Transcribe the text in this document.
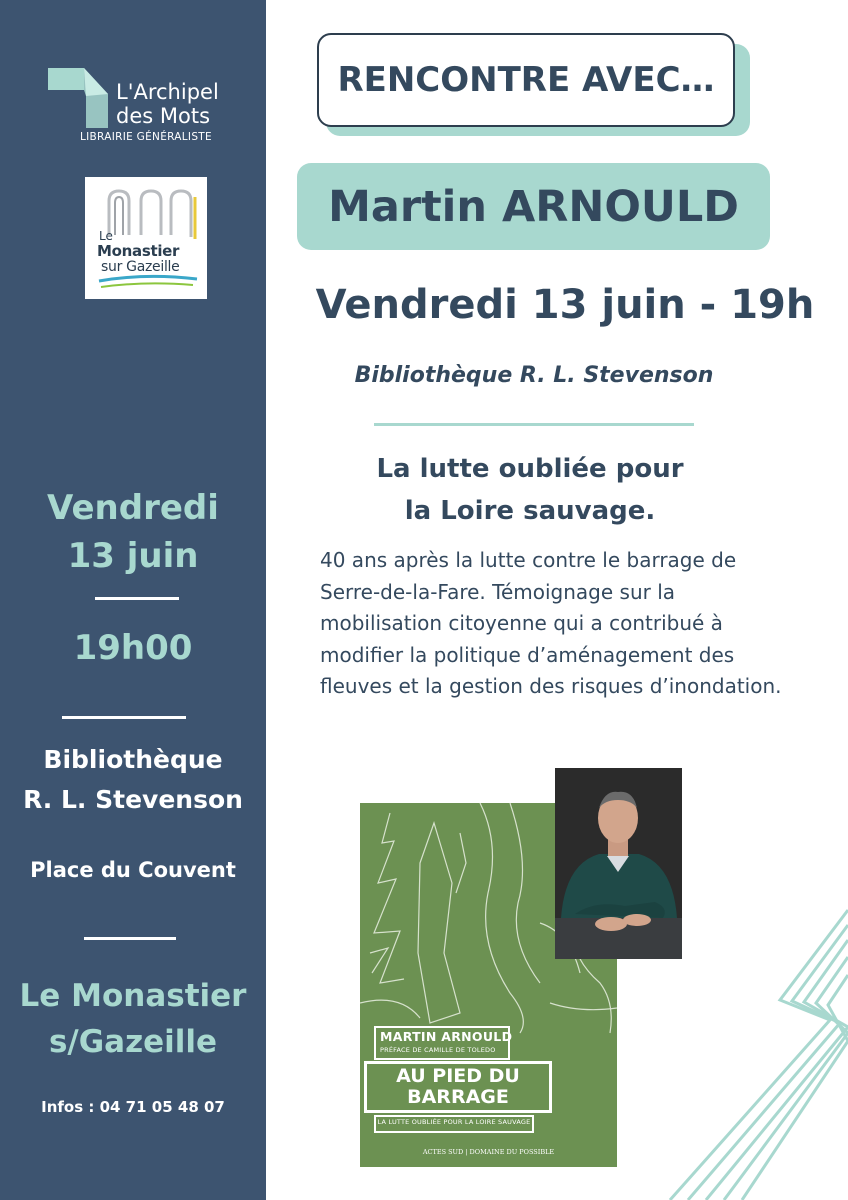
L'Archipel
des Mots
LIBRAIRIE GÉNÉRALISTE
Le
Monastier
sur Gazeille
Vendredi
13 juin
19h00
Bibliothèque
R. L. Stevenson
Place du Couvent
Le Monastier
s/Gazeille
Infos : 04 71 05 48 07
RENCONTRE AVEC…
Martin ARNOULD
Vendredi 13 juin - 19h
Bibliothèque R. L. Stevenson
La lutte oubliée pour
la Loire sauvage.
40 ans après la lutte contre le barrage de Serre-de-la-Fare. Témoignage sur la mobilisation citoyenne qui a contribué à modifier la politique d’aménagement des fleuves et la gestion des risques d’inondation.
MARTIN ARNOULD
PRÉFACE DE CAMILLE DE TOLEDO
AU PIED DU
BARRAGE
LA LUTTE OUBLIÉE POUR LA LOIRE SAUVAGE
ACTES SUD | DOMAINE DU POSSIBLE
